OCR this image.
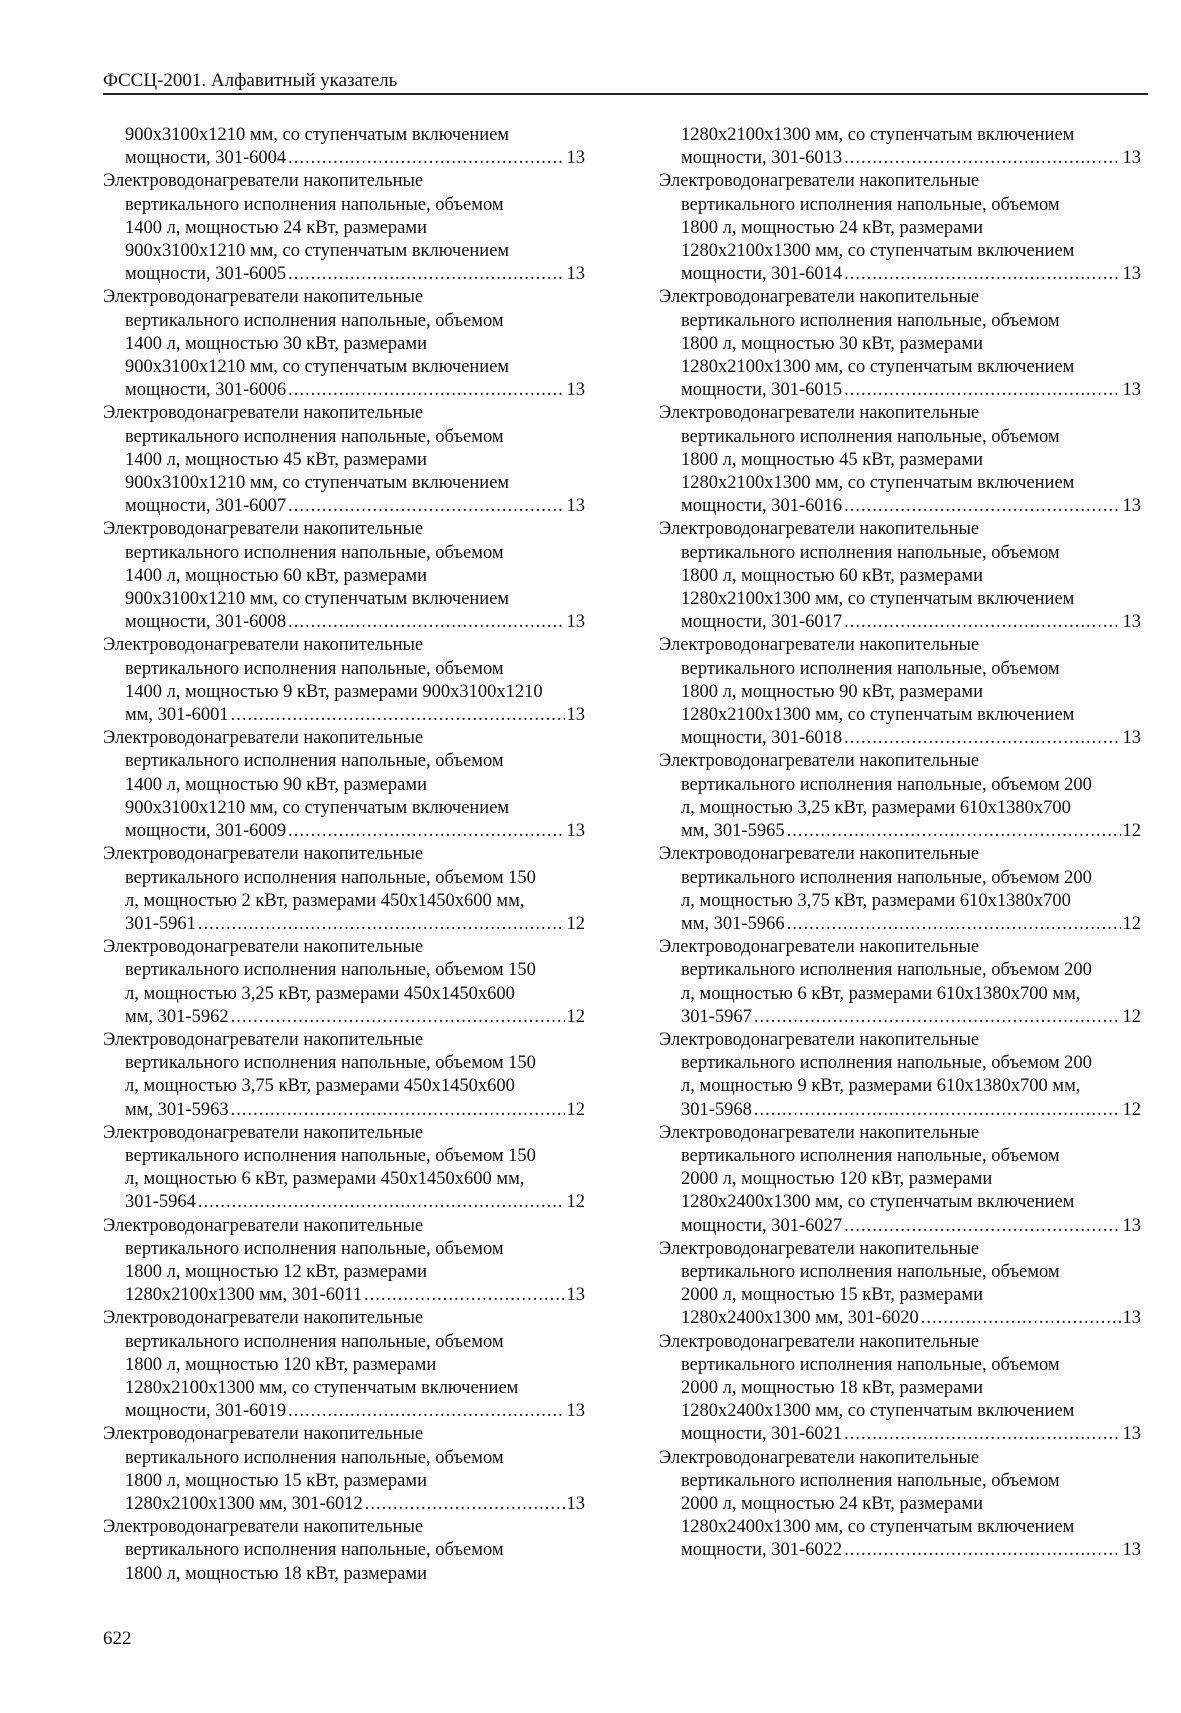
ФССЦ-2001. Алфавитный указатель
900x3100x1210 мм, со ступенчатым включением
мощности, 301-6004 .....	13
Электроводонагреватели накопительные
вертикального исполнения напольные, объемом
1400 л, мощностью 24 кВт, размерами
900x3100x1210 мм, со ступенчатым включением
мощности, 301-6005 .....	13
Электроводонагреватели накопительные
вертикального исполнения напольные, объемом
1400 л, мощностью 30 кВт, размерами
900x3100x1210 мм, со ступенчатым включением
мощности, 301-6006 .....	13
Электроводонагреватели накопительные
вертикального исполнения напольные, объемом
1400 л, мощностью 45 кВт, размерами
900x3100x1210 мм, со ступенчатым включением
мощности, 301-6007 .....	13
Электроводонагреватели накопительные
вертикального исполнения напольные, объемом
1400 л, мощностью 60 кВт, размерами
900x3100x1210 мм, со ступенчатым включением
мощности, 301-6008 .....	13
Электроводонагреватели накопительные
вертикального исполнения напольные, объемом
1400 л, мощностью 9 кВт, размерами 900x3100x1210
мм, 301-6001 .....	13
Электроводонагреватели накопительные
вертикального исполнения напольные, объемом
1400 л, мощностью 90 кВт, размерами
900x3100x1210 мм, со ступенчатым включением
мощности, 301-6009 .....	13
Электроводонагреватели накопительные
вертикального исполнения напольные, объемом 150
л, мощностью 2 кВт, размерами 450x1450x600 мм,
301-5961 .....	12
Электроводонагреватели накопительные
вертикального исполнения напольные, объемом 150
л, мощностью 3,25 кВт, размерами 450x1450x600
мм, 301-5962 .....	12
Электроводонагреватели накопительные
вертикального исполнения напольные, объемом 150
л, мощностью 3,75 кВт, размерами 450x1450x600
мм, 301-5963 .....	12
Электроводонагреватели накопительные
вертикального исполнения напольные, объемом 150
л, мощностью 6 кВт, размерами 450x1450x600 мм,
301-5964 .....	12
Электроводонагреватели накопительные
вертикального исполнения напольные, объемом
1800 л, мощностью 12 кВт, размерами
1280x2100x1300 мм, 301-6011 .....	13
Электроводонагреватели накопительные
вертикального исполнения напольные, объемом
1800 л, мощностью 120 кВт, размерами
1280x2100x1300 мм, со ступенчатым включением
мощности, 301-6019 .....	13
Электроводонагреватели накопительные
вертикального исполнения напольные, объемом
1800 л, мощностью 15 кВт, размерами
1280x2100x1300 мм, 301-6012 .....	13
Электроводонагреватели накопительные
вертикального исполнения напольные, объемом
1800 л, мощностью 18 кВт, размерами
1280x2100x1300 мм, со ступенчатым включением
мощности, 301-6013 .....	13
Электроводонагреватели накопительные
вертикального исполнения напольные, объемом
1800 л, мощностью 24 кВт, размерами
1280x2100x1300 мм, со ступенчатым включением
мощности, 301-6014 .....	13
Электроводонагреватели накопительные
вертикального исполнения напольные, объемом
1800 л, мощностью 30 кВт, размерами
1280x2100x1300 мм, со ступенчатым включением
мощности, 301-6015 .....	13
Электроводонагреватели накопительные
вертикального исполнения напольные, объемом
1800 л, мощностью 45 кВт, размерами
1280x2100x1300 мм, со ступенчатым включением
мощности, 301-6016 .....	13
Электроводонагреватели накопительные
вертикального исполнения напольные, объемом
1800 л, мощностью 60 кВт, размерами
1280x2100x1300 мм, со ступенчатым включением
мощности, 301-6017 .....	13
Электроводонагреватели накопительные
вертикального исполнения напольные, объемом
1800 л, мощностью 90 кВт, размерами
1280x2100x1300 мм, со ступенчатым включением
мощности, 301-6018 .....	13
Электроводонагреватели накопительные
вертикального исполнения напольные, объемом 200
л, мощностью 3,25 кВт, размерами 610x1380x700
мм, 301-5965 .....	12
Электроводонагреватели накопительные
вертикального исполнения напольные, объемом 200
л, мощностью 3,75 кВт, размерами 610x1380x700
мм, 301-5966 .....	12
Электроводонагреватели накопительные
вертикального исполнения напольные, объемом 200
л, мощностью 6 кВт, размерами 610x1380x700 мм,
301-5967 .....	12
Электроводонагреватели накопительные
вертикального исполнения напольные, объемом 200
л, мощностью 9 кВт, размерами 610x1380x700 мм,
301-5968 .....	12
Электроводонагреватели накопительные
вертикального исполнения напольные, объемом
2000 л, мощностью 120 кВт, размерами
1280x2400x1300 мм, со ступенчатым включением
мощности, 301-6027 .....	13
Электроводонагреватели накопительные
вертикального исполнения напольные, объемом
2000 л, мощностью 15 кВт, размерами
1280x2400x1300 мм, 301-6020 .....	13
Электроводонагреватели накопительные
вертикального исполнения напольные, объемом
2000 л, мощностью 18 кВт, размерами
1280x2400x1300 мм, со ступенчатым включением
мощности, 301-6021 .....	13
Электроводонагреватели накопительные
вертикального исполнения напольные, объемом
2000 л, мощностью 24 кВт, размерами
1280x2400x1300 мм, со ступенчатым включением
мощности, 301-6022 .....	13
622
